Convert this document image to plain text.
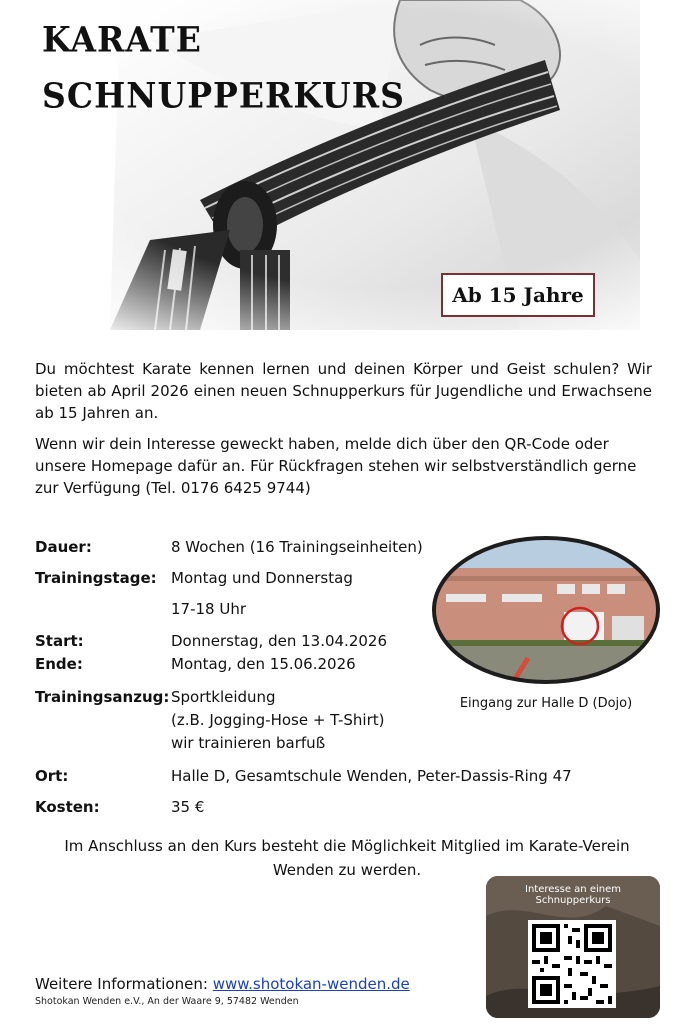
KARATE
SCHNUPPERKURS
Ab 15 Jahre
Du möchtest Karate kennen lernen und deinen Körper und Geist schulen? Wir bieten ab April 2026 einen neuen Schnupperkurs für Jugendliche und Erwachsene ab 15 Jahren an.
Wenn wir dein Interesse geweckt haben, melde dich über den QR-Code oder unsere Homepage dafür an. Für Rückfragen stehen wir selbstverständlich gerne zur Verfügung (Tel. 0176 6425 9744)
Dauer:	8 Wochen (16 Trainingseinheiten)
Trainingstage: Montag und Donnerstag
17-18 Uhr
Start:	Donnerstag, den 13.04.2026
Ende:	Montag, den 15.06.2026
Trainingsanzug: Sportkleidung
(z.B. Jogging-Hose + T-Shirt)
wir trainieren barfuß
Ort:	Halle D, Gesamtschule Wenden, Peter-Dassis-Ring 47
Kosten:	35 €
Eingang zur Halle D (Dojo)
Im Anschluss an den Kurs besteht die Möglichkeit Mitglied im Karate-Verein
Wenden zu werden.
Weitere Informationen: www.shotokan-wenden.de
Shotokan Wenden e.V., An der Waare 9, 57482 Wenden
Interesse an einem Schnupperkurs
